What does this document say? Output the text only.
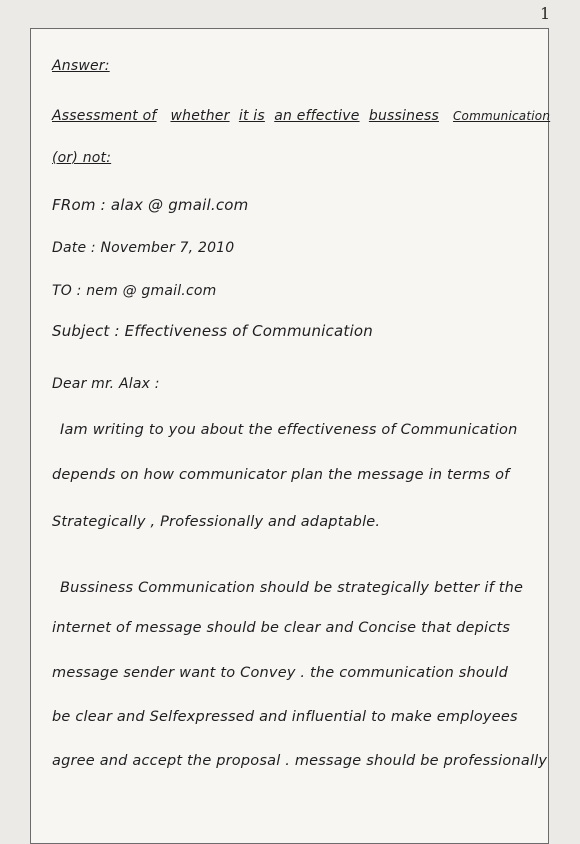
1
Answer:
Assessment of whether it is an effective bussiness Communication
(or) not:
FRom : alax @ gmail.com
Date : November 7, 2010
TO : nem @ gmail.com
Subject : Effectiveness of Communication
Dear mr. Alax :
Iam writing to you about the effectiveness of Communication
depends on how communicator plan the message in terms of
Strategically , Professionally and adaptable.
Bussiness Communication should be strategically better if the
internet of message should be clear and Concise that depicts
message sender want to Convey . the communication should
be clear and Selfexpressed and influential to make employees
agree and accept the proposal . message should be professionally
